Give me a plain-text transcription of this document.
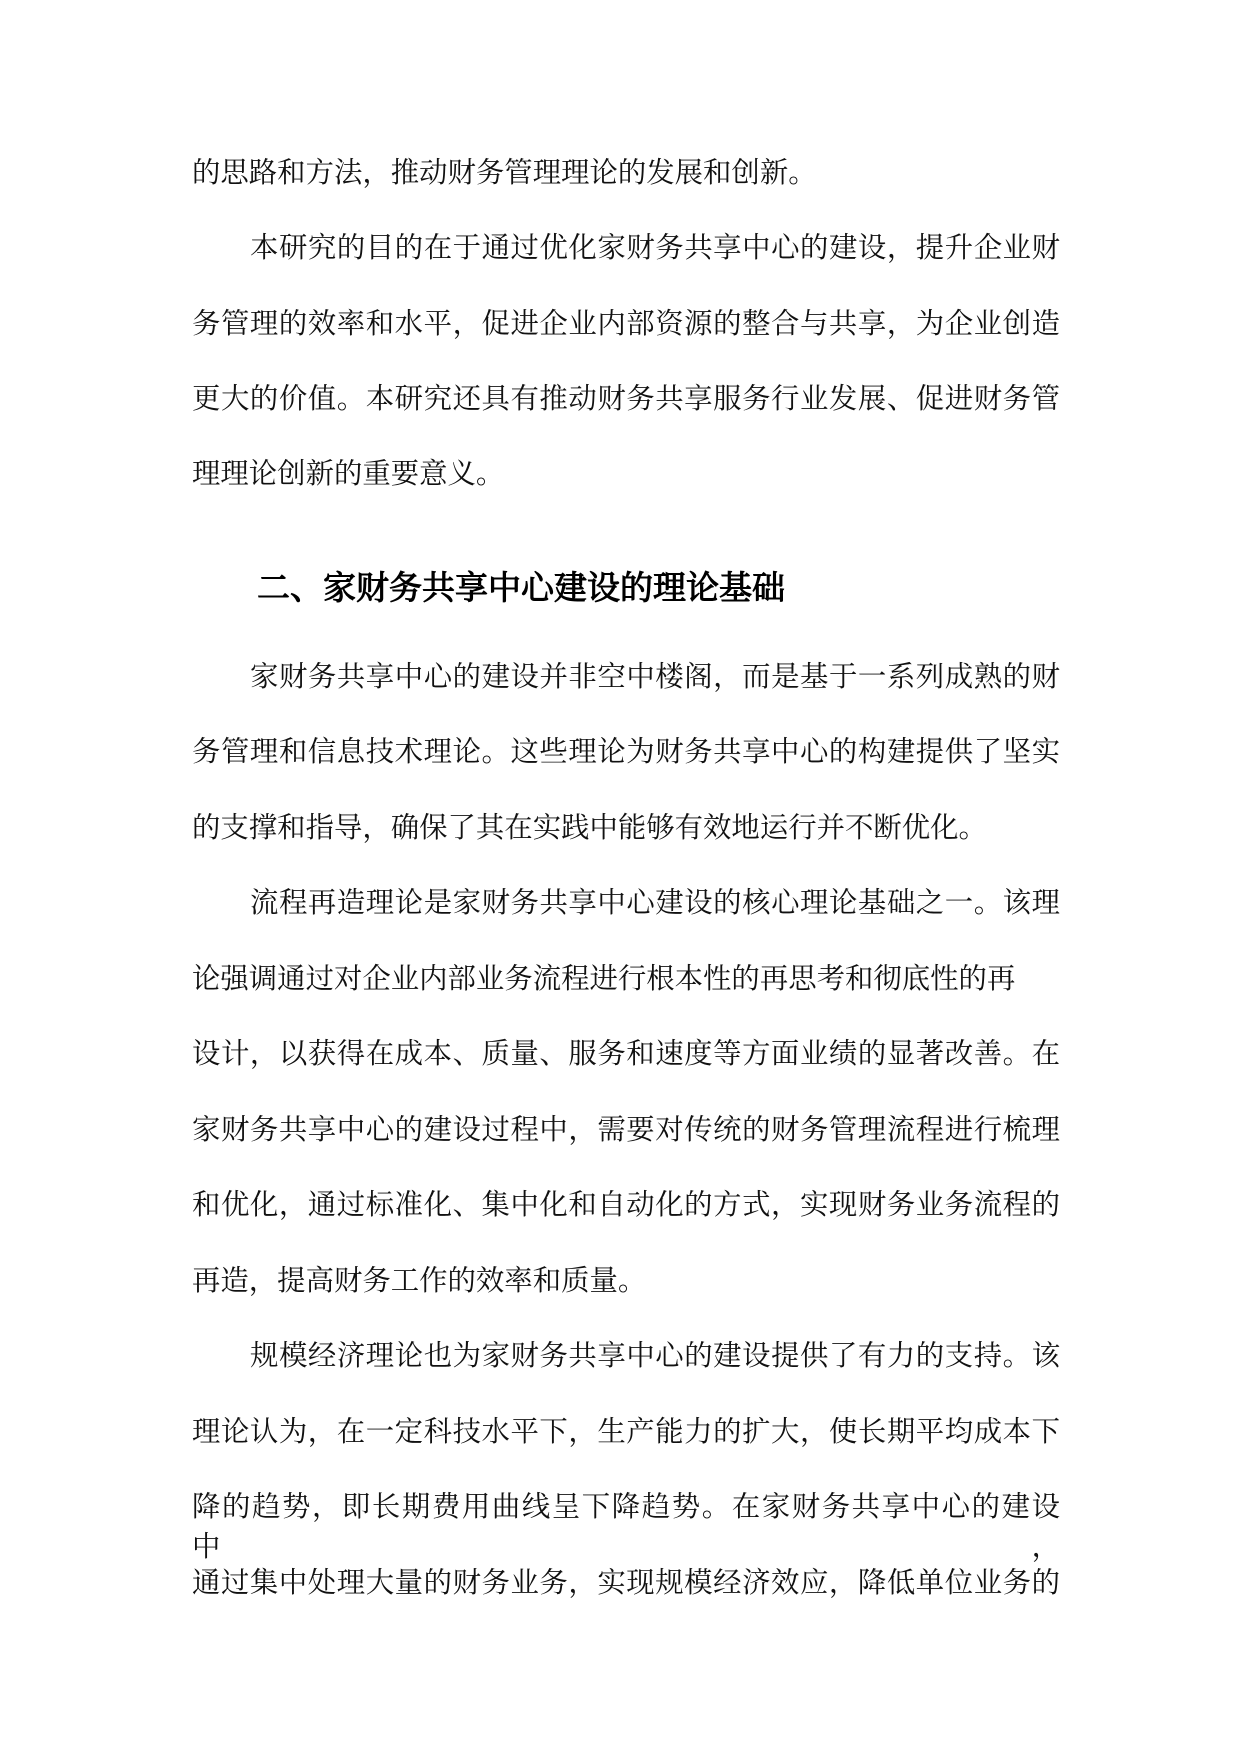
的思路和方法，推动财务管理理论的发展和创新。
本研究的目的在于通过优化家财务共享中心的建设，提升企业财
务管理的效率和水平，促进企业内部资源的整合与共享，为企业创造
更大的价值。本研究还具有推动财务共享服务行业发展、促进财务管
理理论创新的重要意义。
二、家财务共享中心建设的理论基础
家财务共享中心的建设并非空中楼阁，而是基于一系列成熟的财
务管理和信息技术理论。这些理论为财务共享中心的构建提供了坚实
的支撑和指导，确保了其在实践中能够有效地运行并不断优化。
流程再造理论是家财务共享中心建设的核心理论基础之一。该理
论强调通过对企业内部业务流程进行根本性的再思考和彻底性的再
设计，以获得在成本、质量、服务和速度等方面业绩的显著改善。在
家财务共享中心的建设过程中，需要对传统的财务管理流程进行梳理
和优化，通过标准化、集中化和自动化的方式，实现财务业务流程的
再造，提高财务工作的效率和质量。
规模经济理论也为家财务共享中心的建设提供了有力的支持。该
理论认为，在一定科技水平下，生产能力的扩大，使长期平均成本下
降的趋势，即长期费用曲线呈下降趋势。在家财务共享中心的建设中，
通过集中处理大量的财务业务，实现规模经济效应，降低单位业务的
